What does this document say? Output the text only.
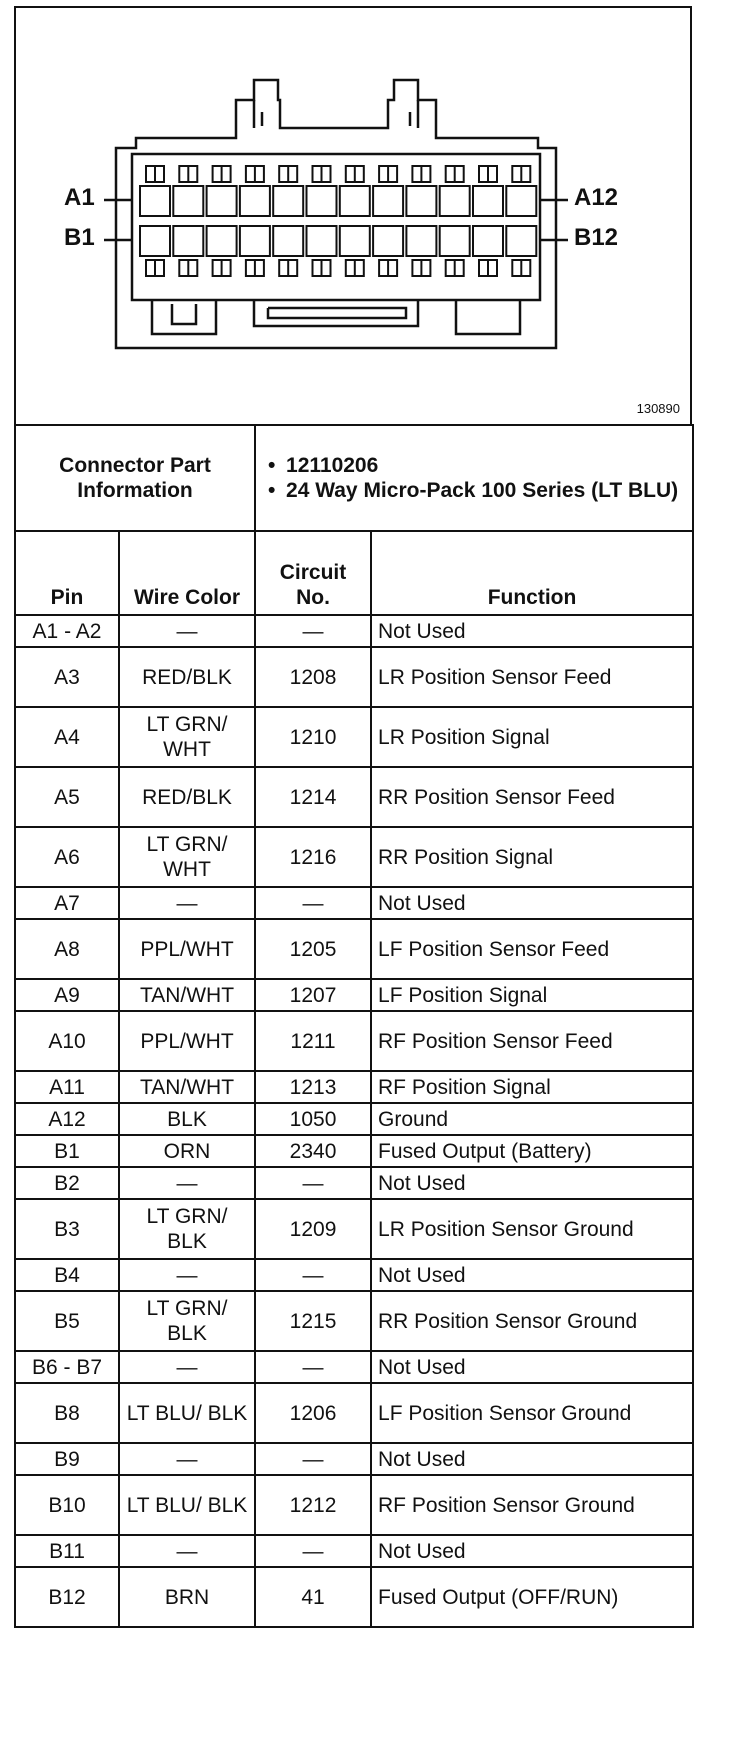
A1
B1
A12
B12
130890
Connector Part Information		• 12110206
• 24 Way Micro-Pack 100 Series (LT BLU)	

Pin	Wire Color	Circuit No.	Function
A1 - A2	—	—	Not Used
A3	RED/BLK	1208	LR Position Sensor Feed
A4	LT GRN/ WHT	1210	LR Position Signal
A5	RED/BLK	1214	RR Position Sensor Feed
A6	LT GRN/ WHT	1216	RR Position Signal
A7	—	—	Not Used
A8	PPL/WHT	1205	LF Position Sensor Feed
A9	TAN/WHT	1207	LF Position Signal
A10	PPL/WHT	1211	RF Position Sensor Feed
A11	TAN/WHT	1213	RF Position Signal
A12	BLK	1050	Ground
B1	ORN	2340	Fused Output (Battery)
B2	—	—	Not Used
B3	LT GRN/ BLK	1209	LR Position Sensor Ground
B4	—	—	Not Used
B5	LT GRN/ BLK	1215	RR Position Sensor Ground
B6 - B7	—	—	Not Used
B8	LT BLU/ BLK	1206	LF Position Sensor Ground
B9	—	—	Not Used
B10	LT BLU/ BLK	1212	RF Position Sensor Ground
B11	—	—	Not Used
B12	BRN	41	Fused Output (OFF/RUN)
